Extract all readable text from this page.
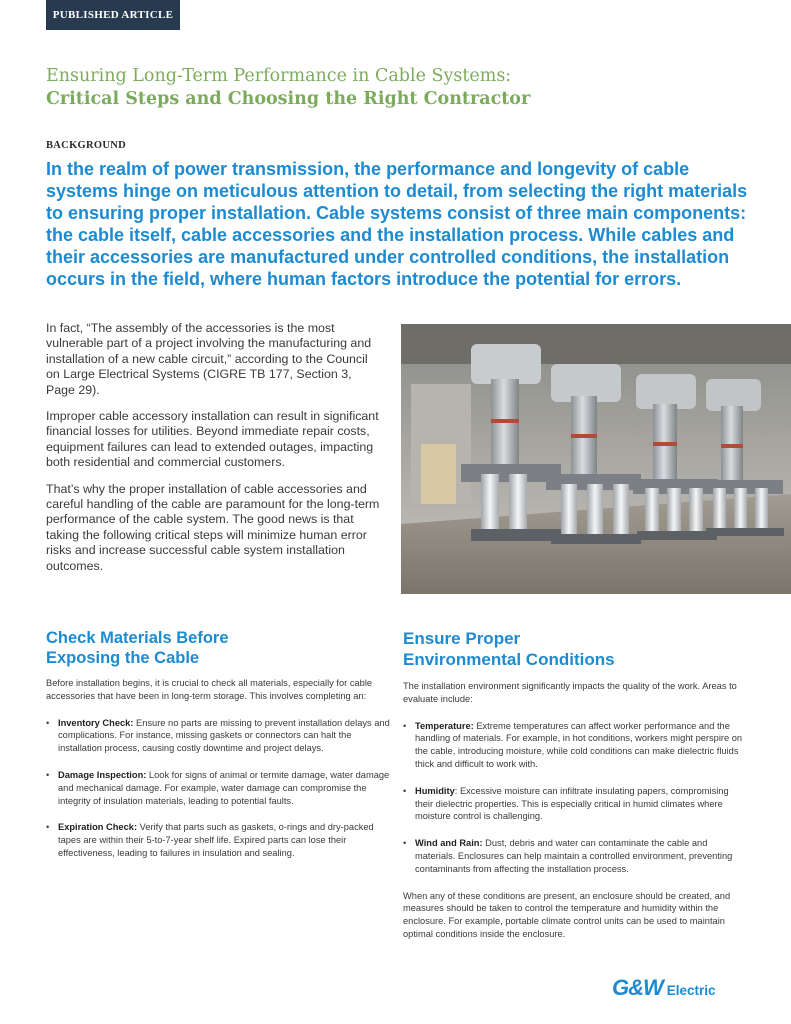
PUBLISHED ARTICLE
Ensuring Long-Term Performance in Cable Systems:
Critical Steps and Choosing the Right Contractor
BACKGROUND

In the realm of power transmission, the performance and longevity of cable
systems hinge on meticulous attention to detail, from selecting the right materials
to ensuring proper installation. Cable systems consist of three main components:
the cable itself, cable accessories and the installation process. While cables and
their accessories are manufactured under controlled conditions, the installation
occurs in the field, where human factors introduce the potential for errors.

In fact, “The assembly of the accessories is the most vulnerable part of a project involving the manufacturing and installation of a new cable circuit,” according to the Council on Large Electrical Systems (CIGRE TB 177, Section 3, Page 29).

Improper cable accessory installation can result in significant financial losses for utilities. Beyond immediate repair costs, equipment failures can lead to extended outages, impacting both residential and commercial customers.

That’s why the proper installation of cable accessories and careful handling of the cable are paramount for the long-term performance of the cable system. The good news is that taking the following critical steps will minimize human error risks and increase successful cable system installation outcomes.

Check Materials Before
Exposing the Cable

Before installation begins, it is crucial to check all materials, especially for cable accessories that have been in long-term storage. This involves completing an:

• Inventory Check: Ensure no parts are missing to prevent installation delays and complications. For instance, missing gaskets or connectors can halt the installation process, causing costly downtime and project delays.
• Damage Inspection: Look for signs of animal or termite damage, water damage and mechanical damage. For example, water damage can compromise the integrity of insulation materials, leading to potential faults.
• Expiration Check: Verify that parts such as gaskets, o-rings and dry-packed tapes are within their 5-to-7-year shelf life. Expired parts can lose their effectiveness, leading to failures in insulation and sealing.
Ensure Proper
Environmental Conditions

The installation environment significantly impacts the quality of the work. Areas to evaluate include:

• Temperature: Extreme temperatures can affect worker performance and the handling of materials. For example, in hot conditions, workers might perspire on the cable, introducing moisture, while cold conditions can make dielectric fluids thick and difficult to work with.
• Humidity: Excessive moisture can infiltrate insulating papers, compromising their dielectric properties. This is especially critical in humid climates where moisture control is challenging.
• Wind and Rain: Dust, debris and water can contaminate the cable and materials. Enclosures can help maintain a controlled environment, preventing contaminants from affecting the installation process.

When any of these conditions are present, an enclosure should be created, and measures should be taken to control the temperature and humidity within the enclosure. For example, portable climate control units can be used to maintain optimal conditions inside the enclosure.

G&W Electric
